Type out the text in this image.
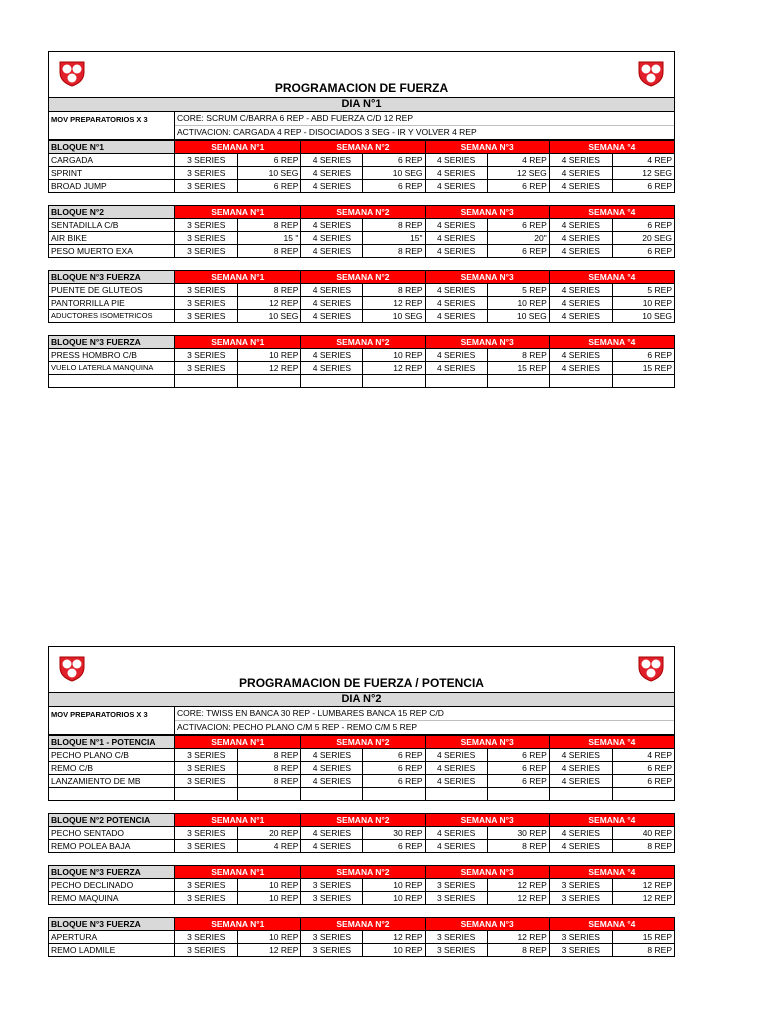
PROGRAMACION DE FUERZA
DIA N°1
MOV PREPARATORIOS X 3	CORE: SCRUM C/BARRA 6 REP - ABD FUERZA C/D 12 REP
ACTIVACION: CARGADA 4 REP - DISOCIADOS 3 SEG - IR Y VOLVER 4 REP
BLOQUE N°1	SEMANA N°1		SEMANA N°2		SEMANA N°3		SEMANA °4	
CARGADA	3 SERIES	6 REP	4 SERIES	6 REP	4 SERIES	4 REP	4 SERIES	4 REP
SPRINT	3 SERIES	10 SEG	4 SERIES	10 SEG	4 SERIES	12 SEG	4 SERIES	12 SEG
BROAD JUMP	3 SERIES	6 REP	4 SERIES	6 REP	4 SERIES	6 REP	4 SERIES	6 REP
BLOQUE N°2	SEMANA N°1		SEMANA N°2		SEMANA N°3		SEMANA °4	
SENTADILLA C/B	3 SERIES	8 REP	4 SERIES	8 REP	4 SERIES	6 REP	4 SERIES	6 REP
AIR BIKE	3 SERIES	15 "	4 SERIES	15"	4 SERIES	20"	4 SERIES	20 SEG
PESO MUERTO EXA	3 SERIES	8 REP	4 SERIES	8 REP	4 SERIES	6 REP	4 SERIES	6 REP
BLOQUE N°3 FUERZA	SEMANA N°1		SEMANA N°2		SEMANA N°3		SEMANA °4	
PUENTE DE GLUTEOS	3 SERIES	8 REP	4 SERIES	8 REP	4 SERIES	5 REP	4 SERIES	5 REP
PANTORRILLA PIE	3 SERIES	12 REP	4 SERIES	12 REP	4 SERIES	10 REP	4 SERIES	10 REP
ADUCTORES ISOMETRICOS	3 SERIES	10 SEG	4 SERIES	10 SEG	4 SERIES	10 SEG	4 SERIES	10 SEG
BLOQUE N°3 FUERZA	SEMANA N°1		SEMANA N°2		SEMANA N°3		SEMANA °4	
PRESS HOMBRO C/B	3 SERIES	10 REP	4 SERIES	10 REP	4 SERIES	8 REP	4 SERIES	6 REP
VUELO LATERLA MANQUINA	3 SERIES	12 REP	4 SERIES	12 REP	4 SERIES	15 REP	4 SERIES	15 REP

PROGRAMACION DE FUERZA / POTENCIA
DIA N°2
MOV PREPARATORIOS X 3	CORE: TWISS EN BANCA 30 REP - LUMBARES BANCA 15 REP C/D
ACTIVACION: PECHO PLANO C/M 5 REP - REMO C/M 5 REP
BLOQUE N°1 - POTENCIA	SEMANA N°1		SEMANA N°2		SEMANA N°3		SEMANA °4	
PECHO PLANO C/B	3 SERIES	8 REP	4 SERIES	6 REP	4 SERIES	6 REP	4 SERIES	4 REP
REMO C/B	3 SERIES	8 REP	4 SERIES	6 REP	4 SERIES	6 REP	4 SERIES	6 REP
LANZAMIENTO DE MB	3 SERIES	8 REP	4 SERIES	6 REP	4 SERIES	6 REP	4 SERIES	6 REP

BLOQUE N°2 POTENCIA	SEMANA N°1		SEMANA N°2		SEMANA N°3		SEMANA °4	
PECHO SENTADO	3 SERIES	20 REP	4 SERIES	30 REP	4 SERIES	30 REP	4 SERIES	40 REP
REMO POLEA BAJA	3 SERIES	4 REP	4 SERIES	6 REP	4 SERIES	8 REP	4 SERIES	8 REP
BLOQUE N°3 FUERZA	SEMANA N°1		SEMANA N°2		SEMANA N°3		SEMANA °4	
PECHO DECLINADO	3 SERIES	10 REP	3 SERIES	10 REP	3 SERIES	12 REP	3 SERIES	12 REP
REMO MAQUINA	3 SERIES	10 REP	3 SERIES	10 REP	3 SERIES	12 REP	3 SERIES	12 REP
BLOQUE N°3 FUERZA	SEMANA N°1		SEMANA N°2		SEMANA N°3		SEMANA °4	
APERTURA	3 SERIES	10 REP	3 SERIES	12 REP	3 SERIES	12 REP	3 SERIES	15 REP
REMO LADMILE	3 SERIES	12 REP	3 SERIES	10 REP	3 SERIES	8 REP	3 SERIES	8 REP
